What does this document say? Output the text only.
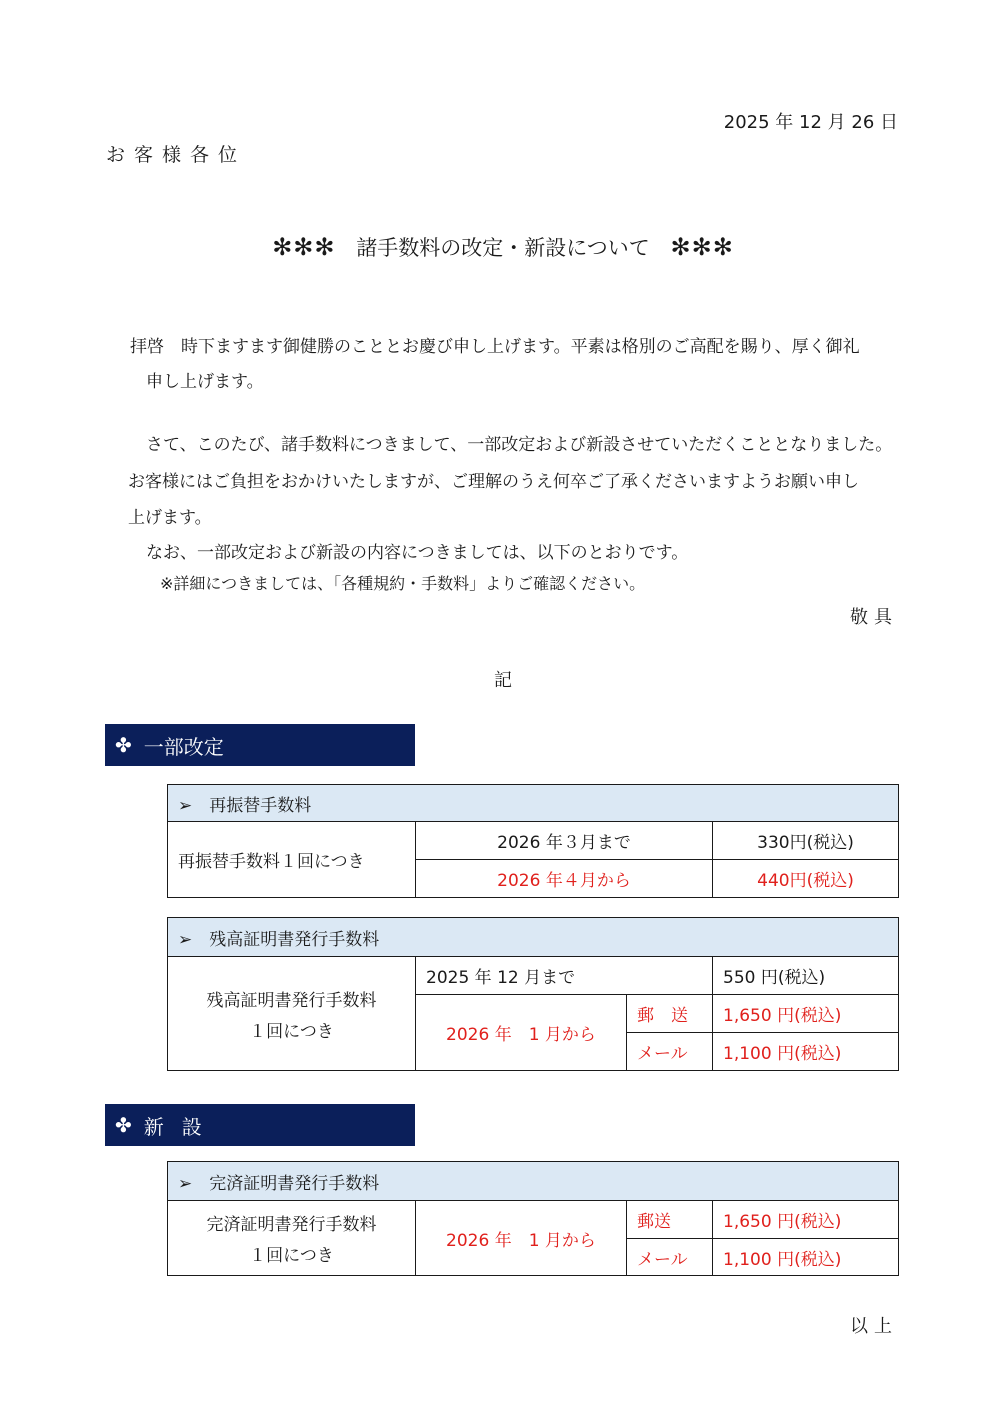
2025 年 12 月 26 日
お客様各位
✻✻✻ 諸手数料の改定・新設について ✻✻✻
拝啓　時下ますます御健勝のこととお慶び申し上げます。平素は格別のご高配を賜り、厚く御礼
申し上げます。
さて、このたび、諸手数料につきまして、一部改定および新設させていただくこととなりました。
お客様にはご負担をおかけいたしますが、ご理解のうえ何卒ご了承くださいますようお願い申し
上げます。
なお、一部改定および新設の内容につきましては、以下のとおりです。
※詳細につきましては、「各種規約・手数料」よりご確認ください。
敬具
記
✤ 一部改定
➢　再振替手数料		
再振替手数料１回につき	2026 年３月まで	330円(税込)
	2026 年４月から	440円(税込)
➢　残高証明書発行手数料			

残高証明書発行手数料
１回につき	2025 年 12 月まで		550 円(税込)
	2026 年　1 月から	郵　送	1,650 円(税込)
		メール	1,100 円(税込)
✤ 新設
➢　完済証明書発行手数料			

完済証明書発行手数料
１回につき	2026 年　1 月から	郵送	1,650 円(税込)
		メール	1,100 円(税込)
以上
